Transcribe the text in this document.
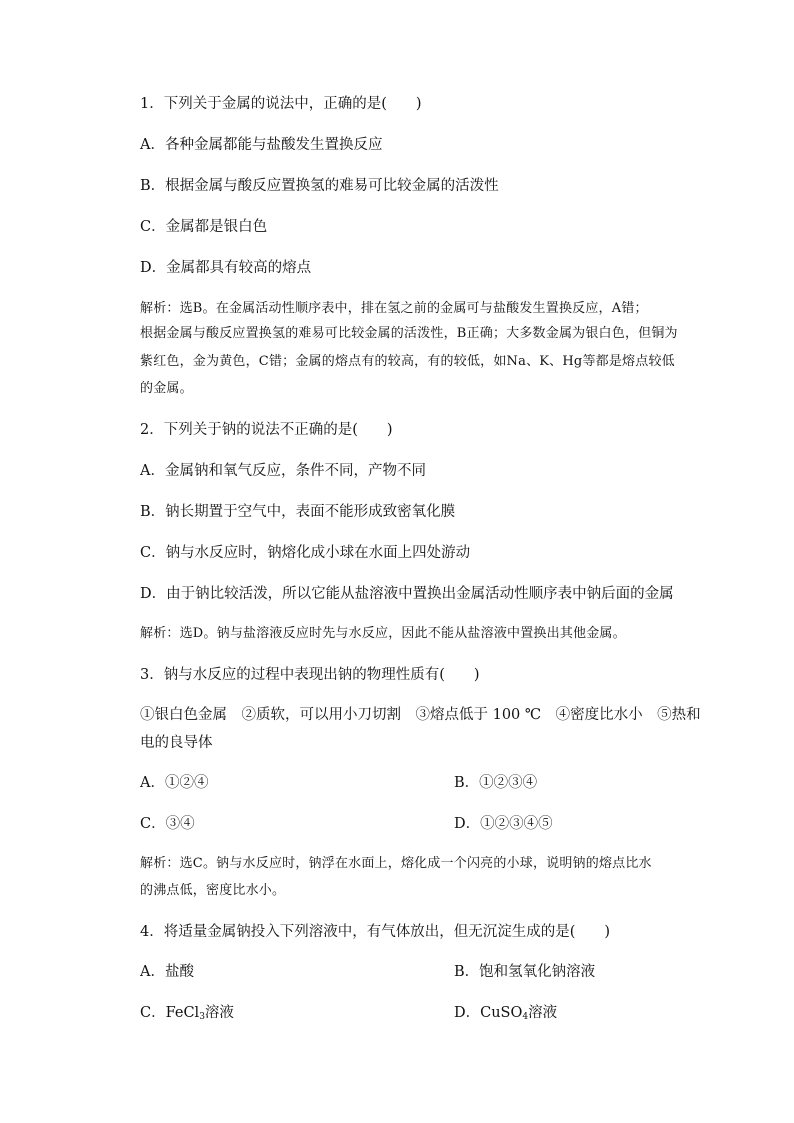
1．下列关于金属的说法中，正确的是(　　)
A．各种金属都能与盐酸发生置换反应
B．根据金属与酸反应置换氢的难易可比较金属的活泼性
C．金属都是银白色
D．金属都具有较高的熔点
解析：选B。在金属活动性顺序表中，排在氢之前的金属可与盐酸发生置换反应，A错；
根据金属与酸反应置换氢的难易可比较金属的活泼性，B正确；大多数金属为银白色，但铜为
紫红色，金为黄色，C错；金属的熔点有的较高，有的较低，如Na、K、Hg等都是熔点较低
的金属。
2．下列关于钠的说法不正确的是(　　)
A．金属钠和氧气反应，条件不同，产物不同
B．钠长期置于空气中，表面不能形成致密氧化膜
C．钠与水反应时，钠熔化成小球在水面上四处游动
D．由于钠比较活泼，所以它能从盐溶液中置换出金属活动性顺序表中钠后面的金属
解析：选D。钠与盐溶液反应时先与水反应，因此不能从盐溶液中置换出其他金属。
3．钠与水反应的过程中表现出钠的物理性质有(　　)
①银白色金属　②质软，可以用小刀切割　③熔点低于 100 ℃　④密度比水小　⑤热和
电的良导体
A．①②④	B．①②③④
C．③④	D．①②③④⑤
解析：选C。钠与水反应时，钠浮在水面上，熔化成一个闪亮的小球，说明钠的熔点比水
的沸点低，密度比水小。
4．将适量金属钠投入下列溶液中，有气体放出，但无沉淀生成的是(　　)
A．盐酸	B．饱和氢氧化钠溶液
C．FeCl$_3$溶液	D．CuSO$_4$溶液
